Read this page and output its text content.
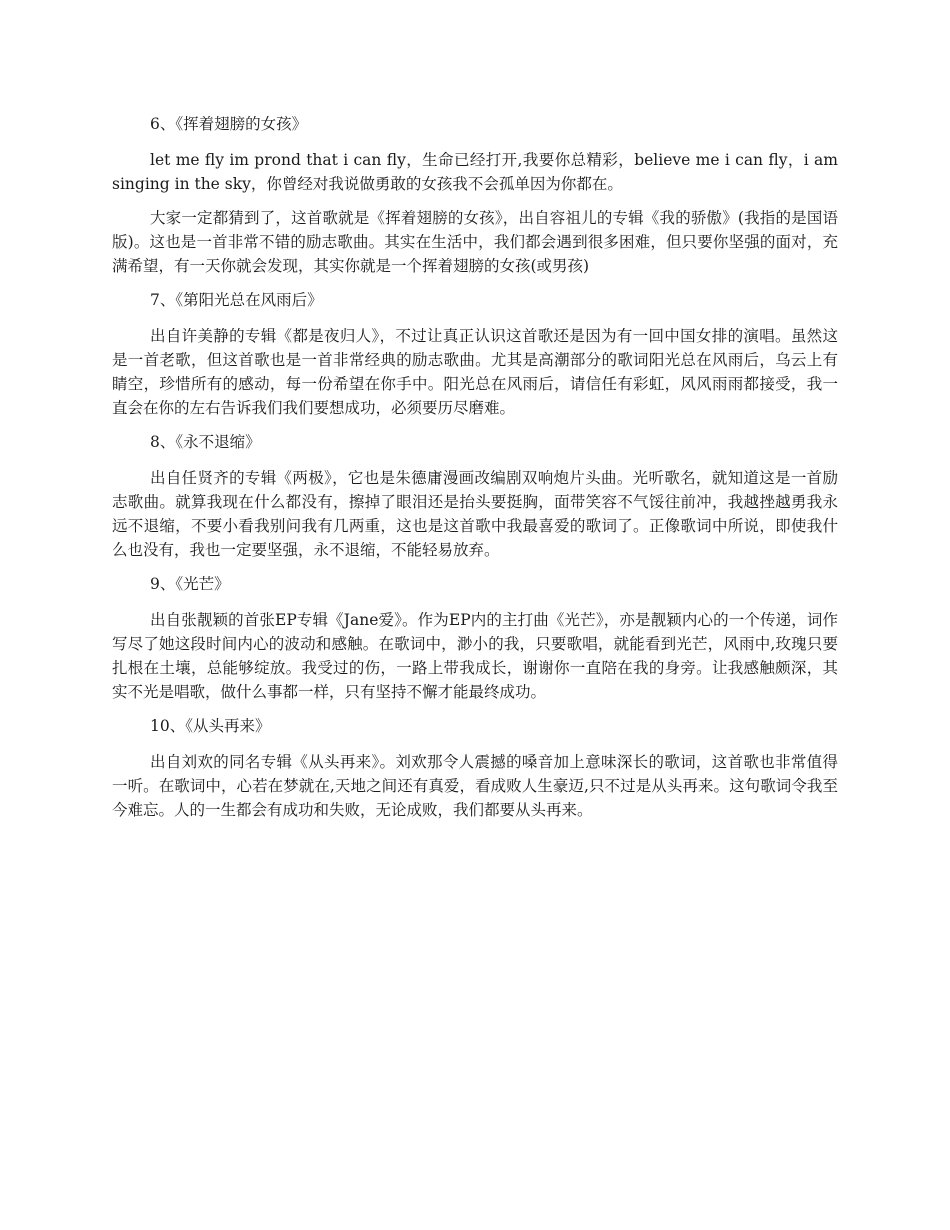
6、《挥着翅膀的女孩》

let me fly im prond that i can fly，生命已经打开,我要你总精彩，believe me i can fly，i am singing in the sky，你曾经对我说做勇敢的女孩我不会孤单因为你都在。

大家一定都猜到了，这首歌就是《挥着翅膀的女孩》，出自容祖儿的专辑《我的骄傲》(我指的是国语版)。这也是一首非常不错的励志歌曲。其实在生活中，我们都会遇到很多困难，但只要你坚强的面对，充满希望，有一天你就会发现，其实你就是一个挥着翅膀的女孩(或男孩)

7、《第阳光总在风雨后》

出自许美静的专辑《都是夜归人》，不过让真正认识这首歌还是因为有一回中国女排的演唱。虽然这是一首老歌，但这首歌也是一首非常经典的励志歌曲。尤其是高潮部分的歌词阳光总在风雨后，乌云上有睛空，珍惜所有的感动，每一份希望在你手中。阳光总在风雨后，请信任有彩虹，风风雨雨都接受，我一直会在你的左右告诉我们我们要想成功，必须要历尽磨难。

8、《永不退缩》

出自任贤齐的专辑《两极》，它也是朱德庸漫画改编剧双响炮片头曲。光听歌名，就知道这是一首励志歌曲。就算我现在什么都没有，擦掉了眼泪还是抬头要挺胸，面带笑容不气馁往前冲，我越挫越勇我永远不退缩，不要小看我别问我有几两重，这也是这首歌中我最喜爱的歌词了。正像歌词中所说，即使我什么也没有，我也一定要坚强，永不退缩，不能轻易放弃。

9、《光芒》

出自张靓颖的首张EP专辑《Jane爱》。作为EP内的主打曲《光芒》，亦是靓颖内心的一个传递，词作写尽了她这段时间内心的波动和感触。在歌词中，渺小的我，只要歌唱，就能看到光芒，风雨中,玫瑰只要扎根在土壤，总能够绽放。我受过的伤，一路上带我成长，谢谢你一直陪在我的身旁。让我感触颇深，其实不光是唱歌，做什么事都一样，只有坚持不懈才能最终成功。

10、《从头再来》

出自刘欢的同名专辑《从头再来》。刘欢那令人震撼的嗓音加上意味深长的歌词，这首歌也非常值得一听。在歌词中，心若在梦就在,天地之间还有真爱，看成败人生豪迈,只不过是从头再来。这句歌词令我至今难忘。人的一生都会有成功和失败，无论成败，我们都要从头再来。
